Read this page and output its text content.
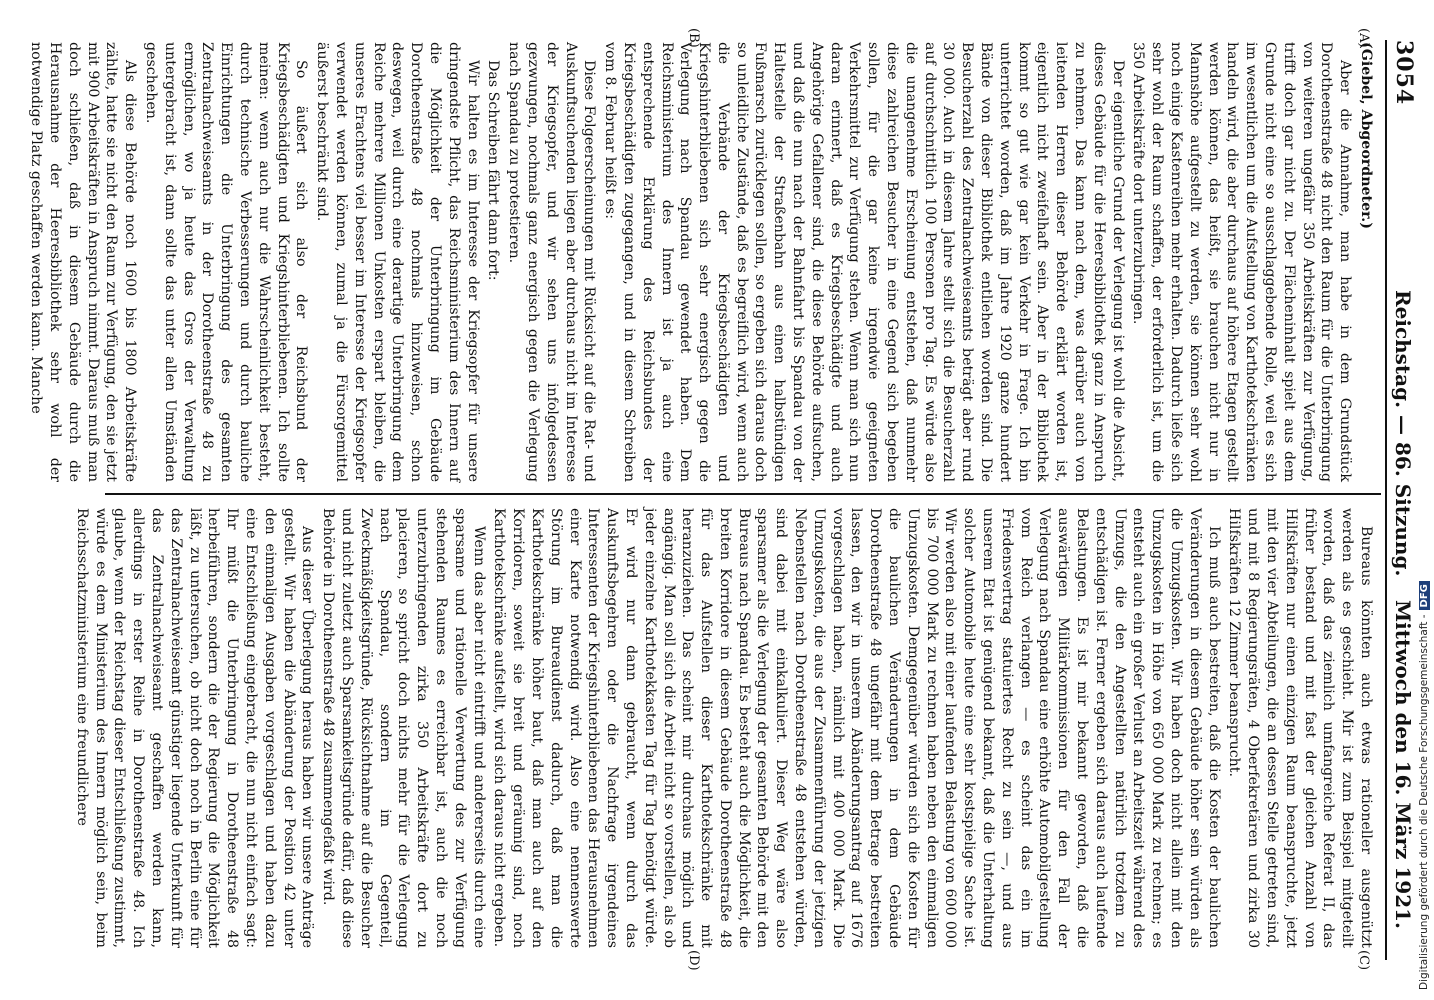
3054
Reichstag. — 86. Sitzung.
Mittwoch den 16. März 1921.
(A)
(B)
(C)
(D)

(Giebel, Abgeordneter.)

Aber die Annahme, man habe in dem Grundstück Dorotheenstraße 48 nicht den Raum für die Unterbringung von weiteren ungefähr 350 Arbeitskräften zur Verfügung, trifft doch gar nicht zu. Der Flächeninhalt spielt aus dem Grunde nicht eine so ausschlaggebende Rolle, weil es sich im wesentlichen um die Aufstellung von Karthotekschränken handeln wird, die aber durchaus auf höhere Etagen gestellt werden können, das heißt, sie brauchen nicht nur in Mannshöhe aufgestellt zu werden, sie können sehr wohl noch einige Kastenreihen mehr erhalten. Dadurch ließe sich sehr wohl der Raum schaffen, der erforderlich ist, um die 350 Arbeitskräfte dort unterzubringen.

Der eigentliche Grund der Verlegung ist wohl die Absicht, dieses Gebäude für die Heeresbibliothek ganz in Anspruch zu nehmen. Das kann nach dem, was darüber auch von leitenden Herren dieser Behörde erklärt worden ist, eigentlich nicht zweifelhaft sein. Aber in der Bibliothek kommt so gut wie gar kein Verkehr in Frage. Ich bin unterrichtet worden, daß im Jahre 1920 ganze hundert Bände von dieser Bibliothek entliehen worden sind. Die Besucherzahl des Zentralnachweiseamts beträgt aber rund 30 000. Auch in diesem Jahre stellt sich die Besucherzahl auf durchschnittlich 100 Personen pro Tag. Es würde also die unangenehme Erscheinung entstehen, daß nunmehr diese zahlreichen Besucher in eine Gegend sich begeben sollen, für die gar keine irgendwie geeigneten Verkehrsmittel zur Verfügung stehen. Wenn man sich nun daran erinnert, daß es Kriegsbeschädigte und auch Angehörige Gefallener sind, die diese Behörde aufsuchen, und daß die nun nach der Bahnfahrt bis Spandau von der Haltestelle der Straßenbahn aus einen halbstündigen Fußmarsch zurücklegen sollen, so ergeben sich daraus doch so unleidliche Zustände, daß es begreiflich wird, wenn auch die Verbände der Kriegsbeschädigten und Kriegshinterbliebenen sich sehr energisch gegen die Verlegung nach Spandau gewendet haben. Dem Reichsministerium des Innern ist ja auch eine entsprechende Erklärung des Reichsbundes der Kriegsbeschädigten zugegangen, und in diesem Schreiben vom 8. Februar heißt es:

Diese Folgeerscheinungen mit Rücksicht auf die Rat- und Auskunftsuchenden liegen aber durchaus nicht im Interesse der Kriegsopfer, und wir sehen uns infolgedessen gezwungen, nochmals ganz energisch gegen die Verlegung nach Spandau zu protestieren.

Das Schreiben fährt dann fort:

Wir halten es im Interesse der Kriegsopfer für unsere dringendste Pflicht, das Reichsministerium des Innern auf die Möglichkeit der Unterbringung im Gebäude Dorotheenstraße 48 nochmals hinzuweisen, schon deswegen, weil durch eine derartige Unterbringung dem Reiche mehrere Millionen Unkosten erspart bleiben, die unseres Erachtens viel besser im Interesse der Kriegsopfer verwendet werden können, zumal ja die Fürsorgemittel äußerst beschränkt sind.

So äußert sich also der Reichsbund der Kriegsbeschädigten und Kriegshinterbliebenen. Ich sollte meinen: wenn auch nur die Wahrscheinlichkeit besteht, durch technische Verbesserungen und durch bauliche Einrichtungen die Unterbringung des gesamten Zentralnachweiseamts in der Dorotheenstraße 48 zu ermöglichen, wo ja heute das Gros der Verwaltung untergebracht ist, dann sollte das unter allen Umständen geschehen.

Als diese Behörde noch 1600 bis 1800 Arbeitskräfte zählte, hatte sie nicht den Raum zur Verfügung, den sie jetzt mit 900 Arbeitskräften in Anspruch nimmt. Daraus muß man doch schließen, daß in diesem Gebäude durch die Herausnahme der Heeresbibliothek sehr wohl der notwendige Platz geschaffen werden kann. Manche

Bureaus könnten auch etwas rationeller ausgenützt werden als es geschieht. Mir ist zum Beispiel mitgeteilt worden, daß das ziemlich umfangreiche Referat II, das früher bestand und mit fast der gleichen Anzahl von Hilfskräften nur einen einzigen Raum beanspruchte, jetzt mit den vier Abteilungen, die an dessen Stelle getreten sind, und mit 8 Regierungsräten, 4 Oberfekretären und zirka 30 Hilfskräften 12 Zimmer beansprucht.

Ich muß auch bestreiten, daß die Kosten der baulichen Veränderungen in diesem Gebäude höher sein würden als die Umzugskosten. Wir haben doch nicht allein mit den Umzugskosten in Höhe von 650 000 Mark zu rechnen; es entsteht auch ein großer Verlust an Arbeitszeit während des Umzugs, die den Angestellten natürlich trotzdem zu entschädigen ist. Ferner ergeben sich daraus auch laufende Belastungen. Es ist mir bekannt geworden, daß die auswärtigen Militärkommissionen für den Fall der Verlegung nach Spandau eine erhöhte Automobilgestellung vom Reich verlangen — es scheint das ein im Friedensvertrag statuiertes Recht zu sein —, und aus unserem Etat ist genügend bekannt, daß die Unterhaltung solcher Automobile heute eine sehr kostspielige Sache ist. Wir werden also mit einer laufenden Belastung von 600 000 bis 700 000 Mark zu rechnen haben neben den einmaligen Umzugskosten. Demgegenüber würden sich die Kosten für die baulichen Veränderungen in dem Gebäude Dorotheenstraße 48 ungefähr mit dem Betrage bestreiten lassen, den wir in unserem Abänderungsantrag auf 1676 vorgeschlagen haben, nämlich mit 400 000 Mark. Die Umzugskosten, die aus der Zusammenführung der jetzigen Nebenstellen nach Dorotheenstraße 48 entstehen würden, sind dabei mit einkalkuliert. Dieser Weg wäre also sparsamer als die Verlegung der gesamten Behörde mit den Bureaus nach Spandau. Es besteht auch die Möglichkeit, die breiten Korridore in diesem Gebäude Dorotheenstraße 48 für das Aufstellen dieser Karthotekschränke mit heranzuziehen. Das scheint mir durchaus möglich und angängig. Man soll sich die Arbeit nicht so vorstellen, als ob jeder einzelne Karthotekkasten Tag für Tag benötigt würde. Er wird nur dann gebraucht, wenn durch das Auskunftsbegehren oder die Nachfrage irgendeines Interessenten der Kriegshinterbliebenen das Herausnehmen einer Karte notwendig wird. Also eine nennenswerte Störung im Bureaudienst dadurch, daß man die Karthotekschränke höher baut, daß man auch auf den Korridoren, soweit sie breit und geräumig sind, noch Karthotekschränke aufstellt, wird sich daraus nicht ergeben.

Wenn das aber nicht eintrifft und andererseits durch eine sparsame und rationelle Verwertung des zur Verfügung stehenden Raumes es erreichbar ist, auch die noch unterzubringenden zirka 350 Arbeitskräfte dort zu placieren, so spricht doch nichts mehr für die Verlegung nach Spandau, sondern im Gegenteil, Zweckmäßigkeitsgründe, Rücksichtnahme auf die Besucher und nicht zuletzt auch Sparsamkeitsgründe dafür, daß diese Behörde in Dorotheenstraße 48 zusammengefaßt wird.

Aus dieser Überlegung heraus haben wir unsere Anträge gestellt. Wir haben die Abänderung der Position 42 unter den einmaligen Ausgaben vorgeschlagen und haben dazu eine Entschließung eingebracht, die nun nicht einfach sagt: Ihr müßt die Unterbringung in Dorotheenstraße 48 herbeiführen, sondern die der Regierung die Möglichkeit läßt, zu untersuchen, ob nicht doch noch in Berlin eine für das Zentralnachweiseamt günstiger liegende Unterkunft für das Zentralnachweiseamt geschaffen werden kann, allerdings in erster Reihe in Dorotheenstraße 48. Ich glaube, wenn der Reichstag dieser Entschließung zustimmt, würde es dem Ministerium des Innern möglich sein, beim Reichsschatzministerium eine freundlichere	Digitalisierung gefördert durch die Deutsche Forschungsgemeinschaft -DFG
